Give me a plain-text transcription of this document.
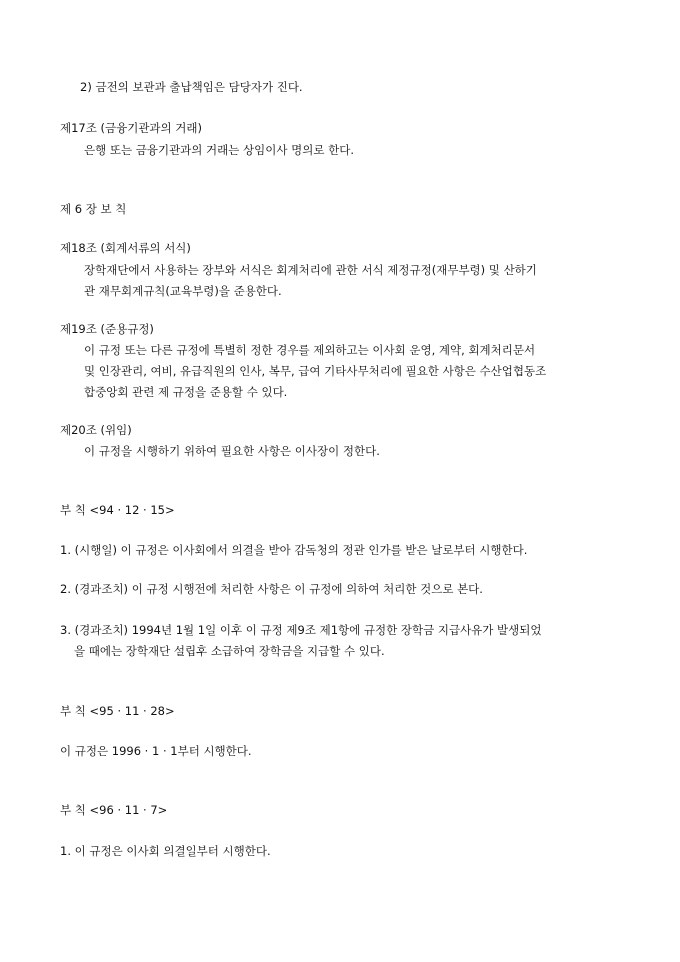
2) 금전의 보관과 출납책임은 담당자가 진다.
제17조 (금융기관과의 거래)
은행 또는 금융기관과의 거래는 상임이사 명의로 한다.
제 6 장 보 칙
제18조 (회계서류의 서식)
장학재단에서 사용하는 장부와 서식은 회계처리에 관한 서식 제정규정(재무부령) 및 산하기
관 재무회계규칙(교육부령)을 준용한다.
제19조 (준용규정)
이 규정 또는 다른 규정에 특별히 정한 경우를 제외하고는 이사회 운영, 계약, 회계처리문서
및 인장관리, 여비, 유급직원의 인사, 복무, 급여 기타사무처리에 필요한 사항은 수산업협동조
합중앙회 관련 제 규정을 준용할 수 있다.
제20조 (위임)
이 규정을 시행하기 위하여 필요한 사항은 이사장이 정한다.
부 칙 <94 · 12 · 15>
1. (시행일) 이 규정은 이사회에서 의결을 받아 감독청의 정관 인가를 받은 날로부터 시행한다.
2. (경과조치) 이 규정 시행전에 처리한 사항은 이 규정에 의하여 처리한 것으로 본다.
3. (경과조치) 1994년 1월 1일 이후 이 규정 제9조 제1항에 규정한 장학금 지급사유가 발생되었
을 때에는 장학재단 설립후 소급하여 장학금을 지급할 수 있다.
부 칙 <95 · 11 · 28>
이 규정은 1996 · 1 · 1부터 시행한다.
부 칙 <96 · 11 · 7>
1. 이 규정은 이사회 의결일부터 시행한다.
